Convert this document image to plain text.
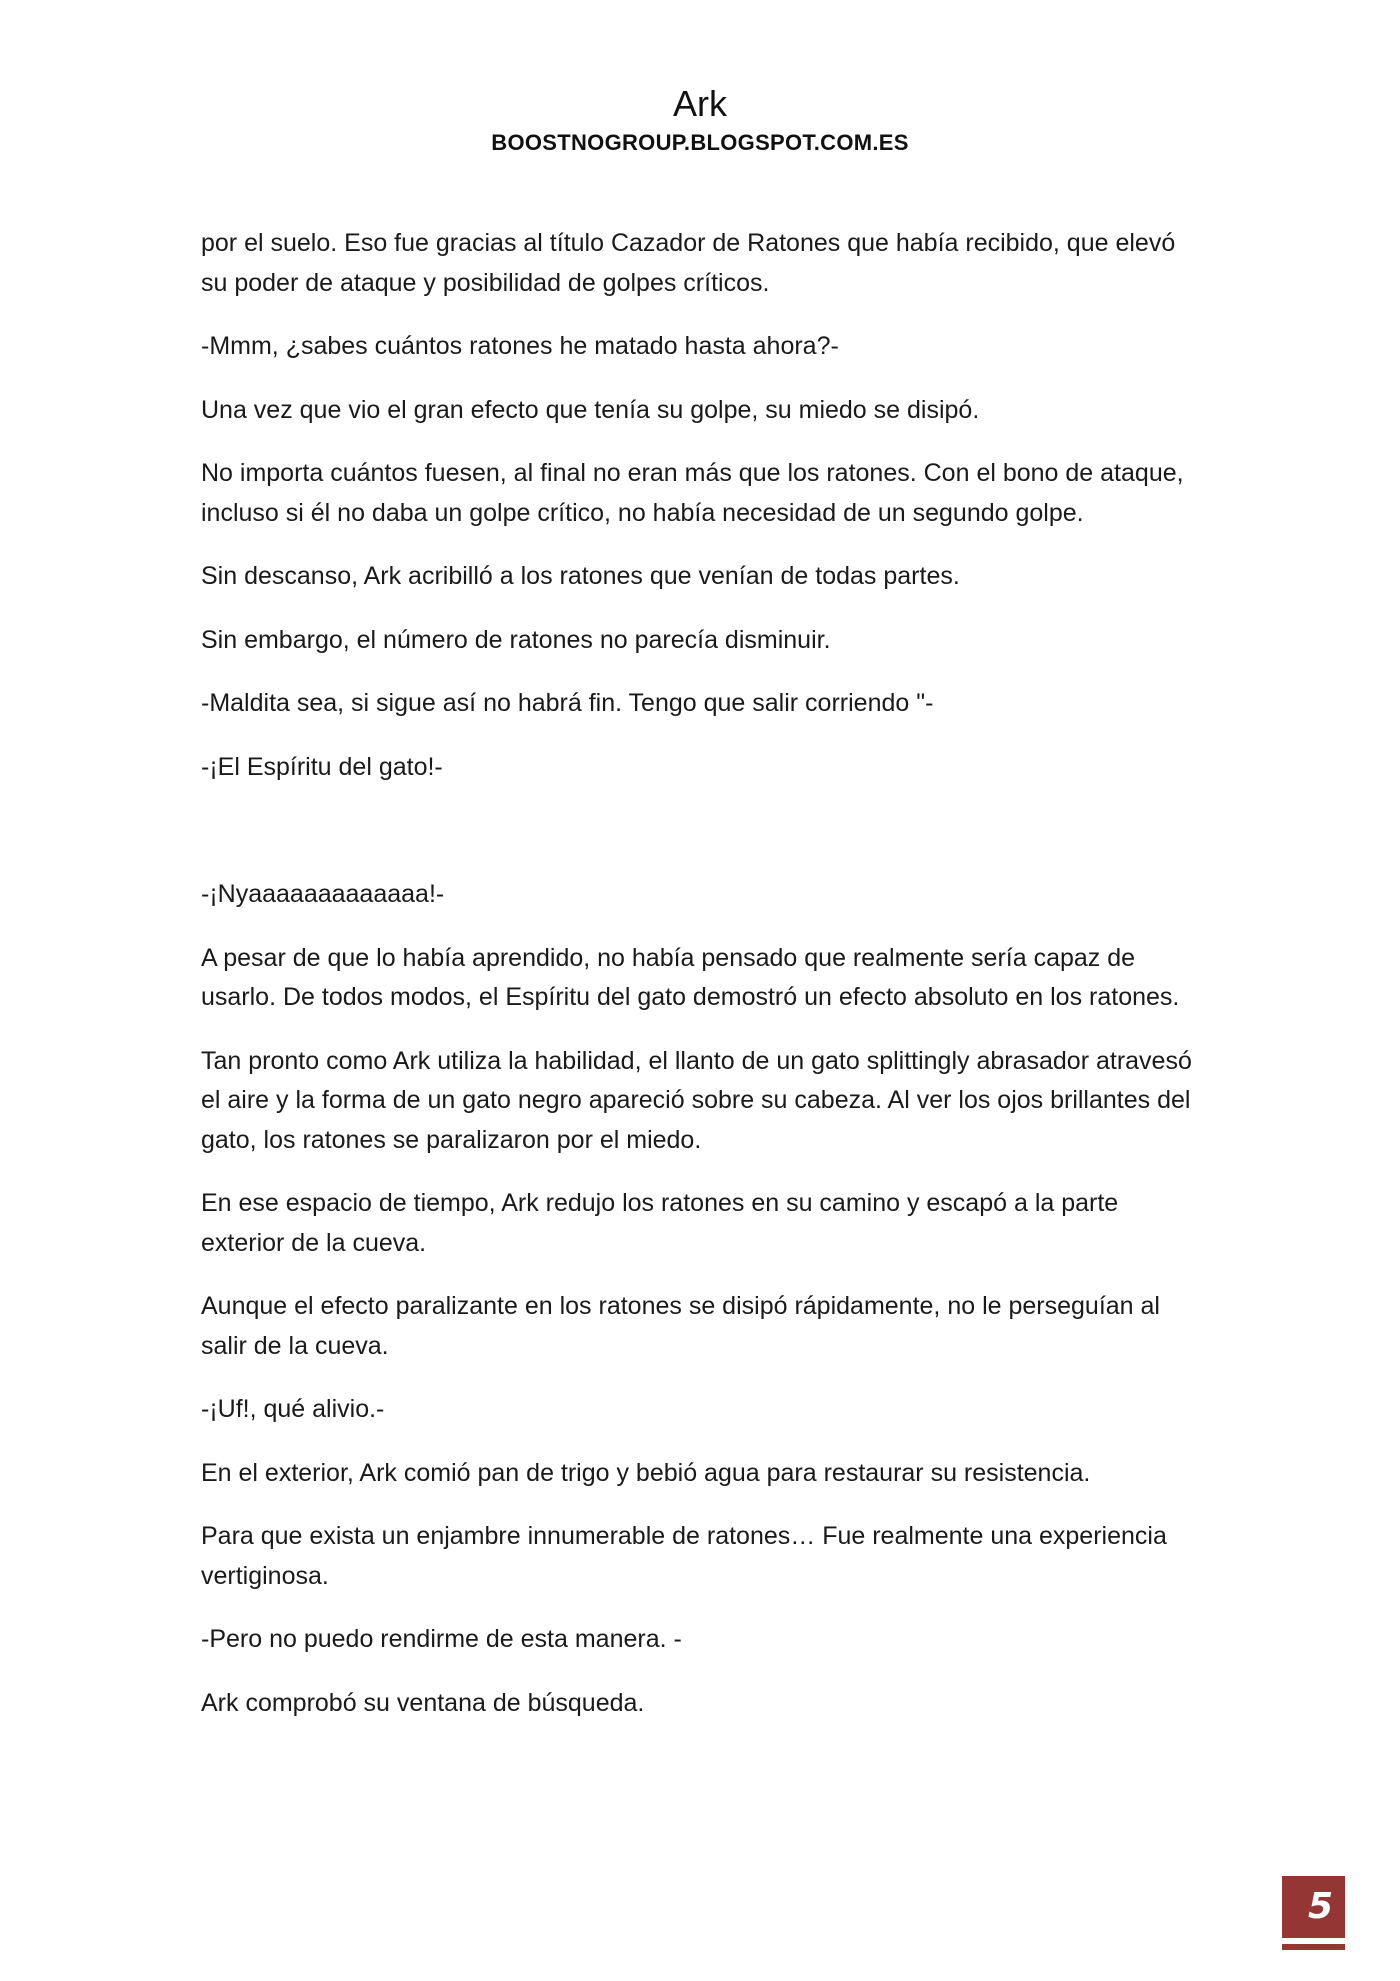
Ark
BOOSTNOGROUP.BLOGSPOT.COM.ES

por el suelo. Eso fue gracias al título Cazador de Ratones que había recibido, que elevó su poder de ataque y posibilidad de golpes críticos.

-Mmm, ¿sabes cuántos ratones he matado hasta ahora?-

Una vez que vio el gran efecto que tenía su golpe, su miedo se disipó.

No importa cuántos fuesen, al final no eran más que los ratones. Con el bono de ataque, incluso si él no daba un golpe crítico, no había necesidad de un segundo golpe.

Sin descanso, Ark acribilló a los ratones que venían de todas partes.

Sin embargo, el número de ratones no parecía disminuir.

-Maldita sea, si sigue así no habrá fin. Tengo que salir corriendo "-

-¡El Espíritu del gato!-

-¡Nyaaaaaaaaaaaaa!-

A pesar de que lo había aprendido, no había pensado que realmente sería capaz de usarlo. De todos modos, el Espíritu del gato demostró un efecto absoluto en los ratones.

Tan pronto como Ark utiliza la habilidad, el llanto de un gato splittingly abrasador atravesó el aire y la forma de un gato negro apareció sobre su cabeza. Al ver los ojos brillantes del gato, los ratones se paralizaron por el miedo.

En ese espacio de tiempo, Ark redujo los ratones en su camino y escapó a la parte exterior de la cueva.

Aunque el efecto paralizante en los ratones se disipó rápidamente, no le perseguían al salir de la cueva.

-¡Uf!, qué alivio.-

En el exterior, Ark comió pan de trigo y bebió agua para restaurar su resistencia.

Para que exista un enjambre innumerable de ratones… Fue realmente una experiencia vertiginosa.

-Pero no puedo rendirme de esta manera. -

Ark comprobó su ventana de búsqueda.

5
